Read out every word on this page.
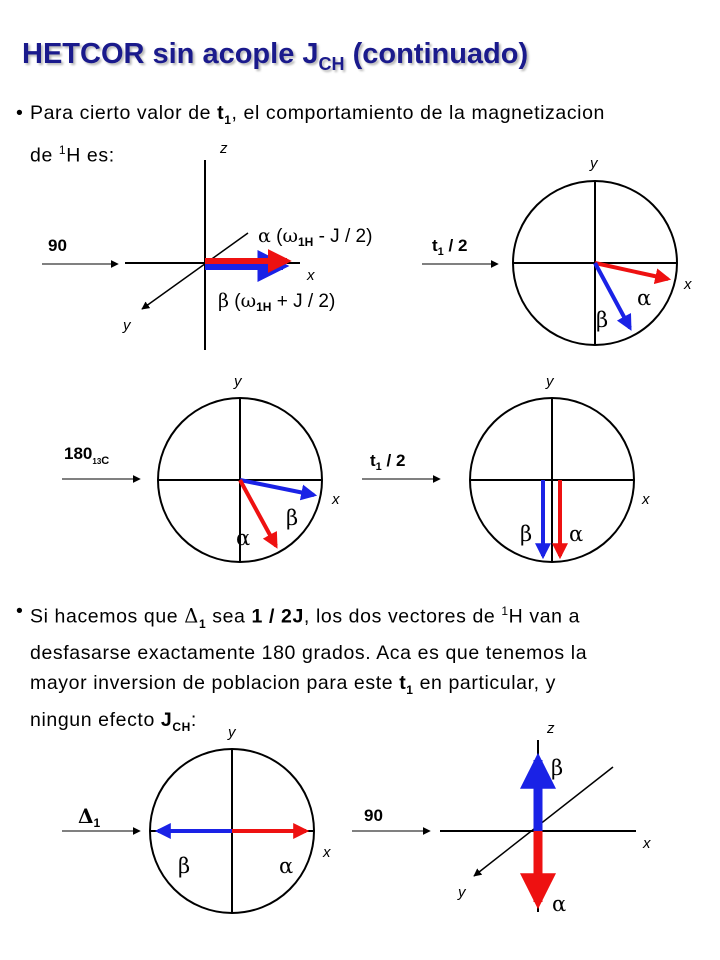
HETCOR sin acople $J_{CH}$ (continuado)
• Para cierto valor de $t_1$, el comportamiento de la magnetizacion
de $^1$H es:
• Si hacemos que $\Delta_1$ sea 1 / 2J, los dos vectores de $^1$H van a
desfasarse exactamente 180 grados. Aca es que tenemos la
mayor inversion de poblacion para este $t_1$ en particular, y
ningun efecto $J_{CH}$:
z
x
y
α ($\omega_{1H}$ - J / 2)
β $(\omega_{1H} + J / 2)$
90	$t_1 / 2$
y
x
α
β
$180_{13}C$
y
x
β
α
$t_1 / 2$
y
x
β α
$\Delta_1$
y
x
β	α
90
z
x
y
β
α
